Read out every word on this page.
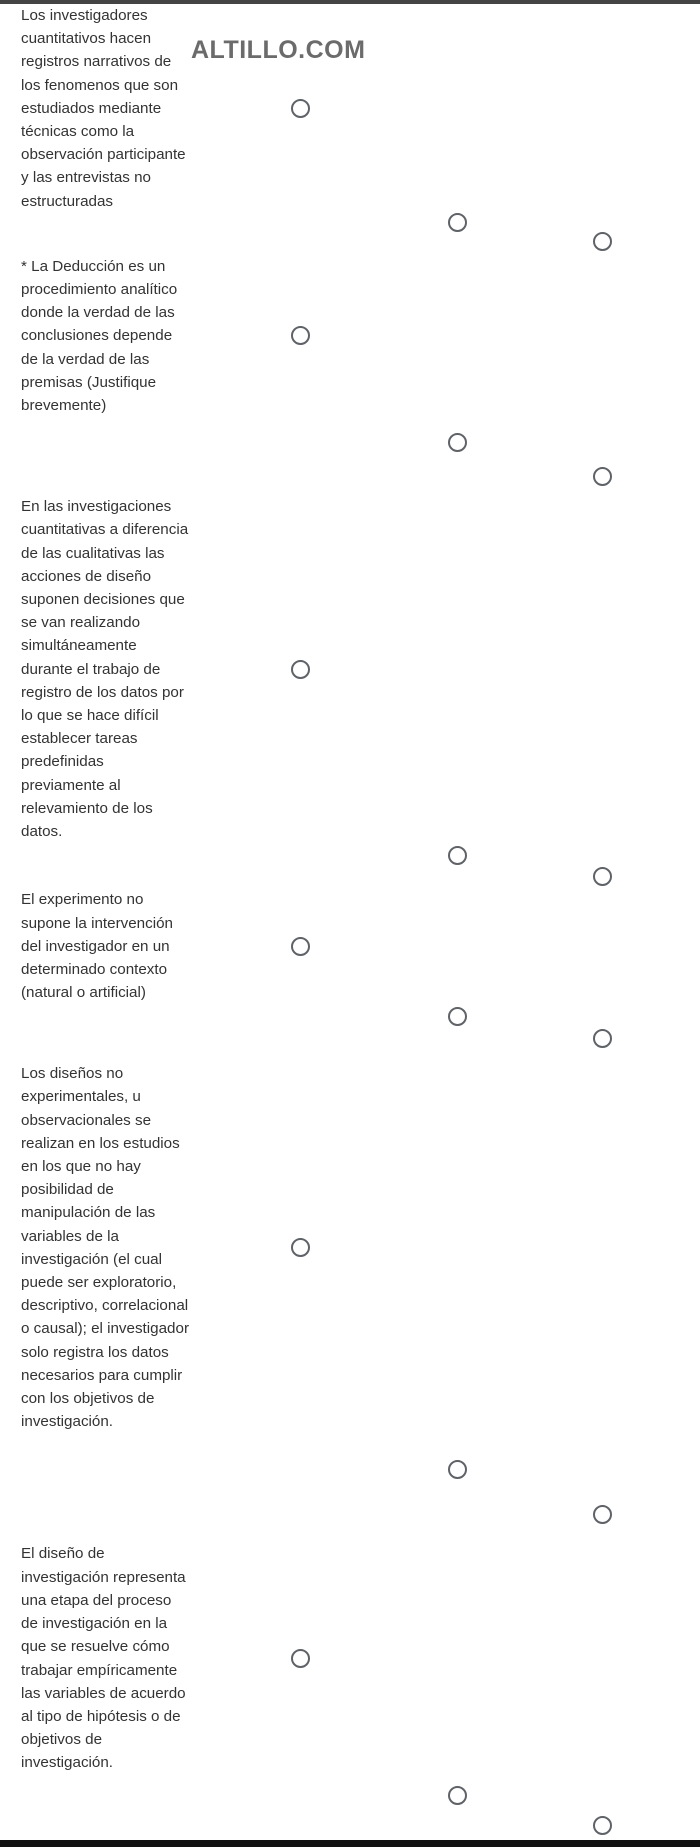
ALTILLO.COM
Los investigadores cuantitativos hacen registros narrativos de los fenomenos que son estudiados mediante técnicas como la observación participante y las entrevistas no estructuradas
* La Deducción es un procedimiento analítico donde la verdad de las conclusiones depende de la verdad de las premisas (Justifique brevemente)
En las investigaciones cuantitativas a diferencia de las cualitativas las acciones de diseño suponen decisiones que se van realizando simultáneamente durante el trabajo de registro de los datos por lo que se hace difícil establecer tareas predefinidas previamente al relevamiento de los datos.
El experimento no supone la intervención del investigador en un determinado contexto (natural o artificial)
Los diseños no experimentales, u observacionales se realizan en los estudios en los que no hay posibilidad de manipulación de las variables de la investigación (el cual puede ser exploratorio, descriptivo, correlacional o causal); el investigador solo registra los datos necesarios para cumplir con los objetivos de investigación.
El diseño de investigación representa una etapa del proceso de investigación en la que se resuelve cómo trabajar empíricamente las variables de acuerdo al tipo de hipótesis o de objetivos de investigación.
